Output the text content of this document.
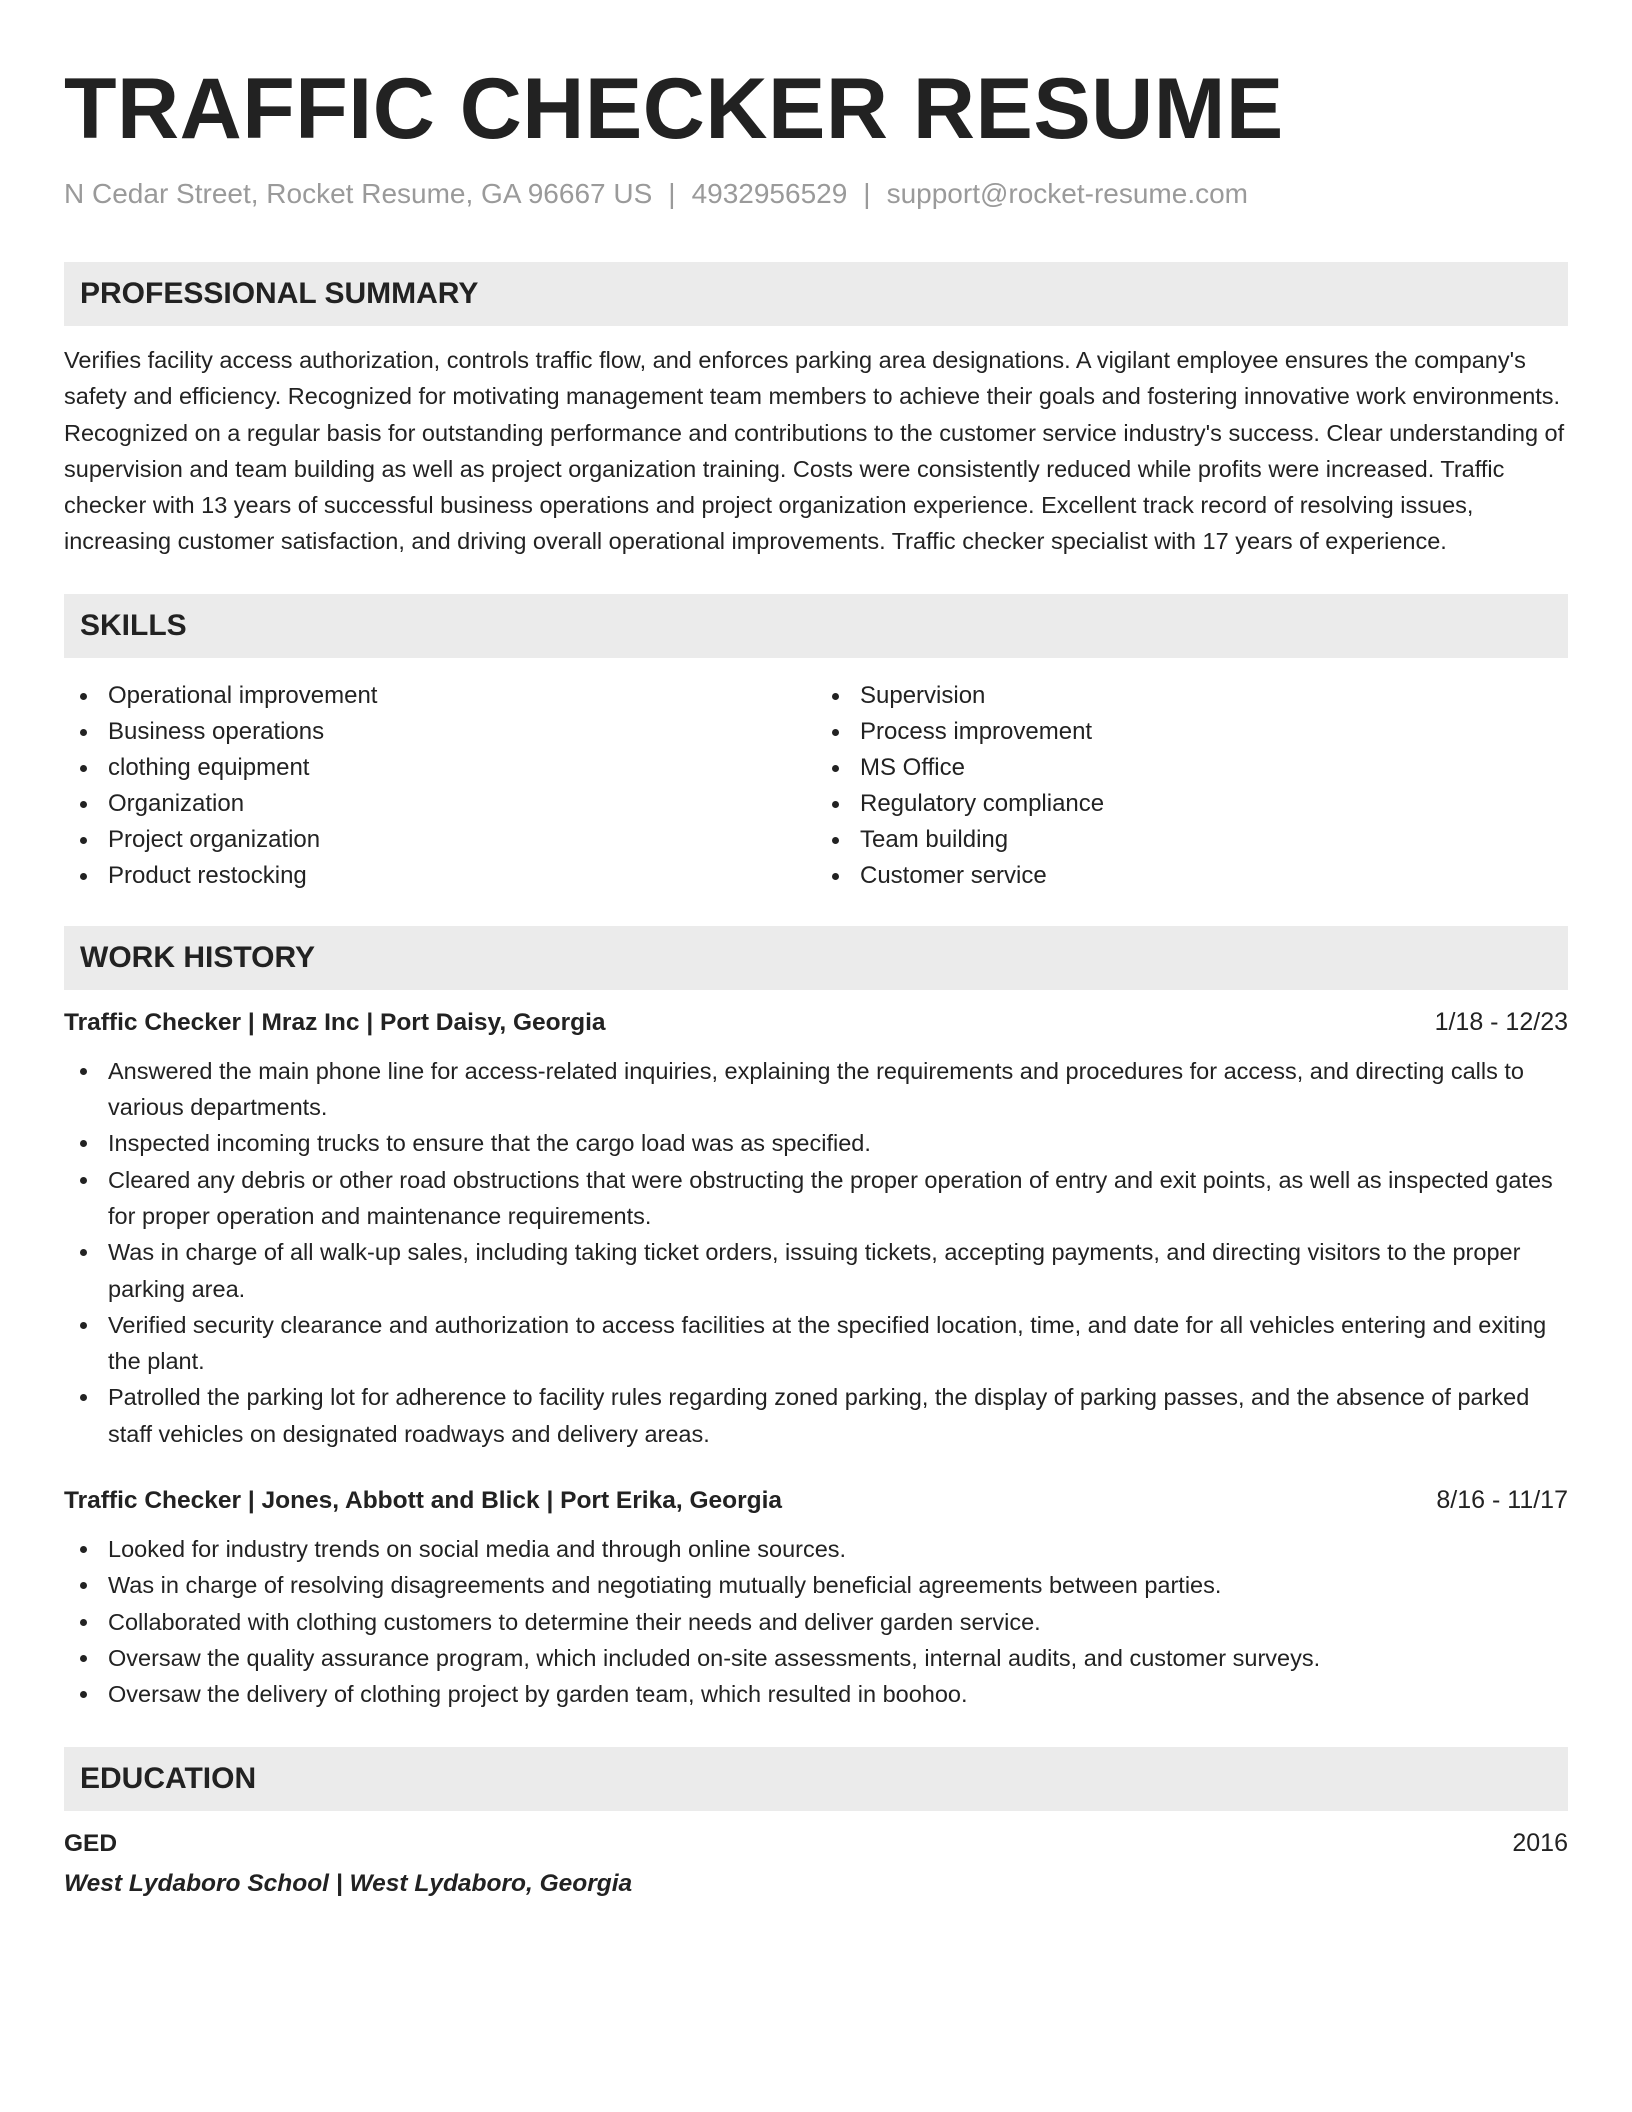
TRAFFIC CHECKER RESUME
N Cedar Street, Rocket Resume, GA 96667 US | 4932956529 | support@rocket-resume.com
PROFESSIONAL SUMMARY

Verifies facility access authorization, controls traffic flow, and enforces parking area designations. A vigilant employee ensures the company's safety and efficiency. Recognized for motivating management team members to achieve their goals and fostering innovative work environments. Recognized on a regular basis for outstanding performance and contributions to the customer service industry's success. Clear understanding of supervision and team building as well as project organization training. Costs were consistently reduced while profits were increased. Traffic checker with 13 years of successful business operations and project organization experience. Excellent track record of resolving issues, increasing customer satisfaction, and driving overall operational improvements. Traffic checker specialist with 17 years of experience.

SKILLS
Operational improvement
Business operations
clothing equipment
Organization
Project organization
Product restocking
Supervision
Process improvement
MS Office
Regulatory compliance
Team building
Customer service
WORK HISTORY
Traffic Checker | Mraz Inc | Port Daisy, Georgia	1/18 - 12/23
Answered the main phone line for access-related inquiries, explaining the requirements and procedures for access, and directing calls to various departments.
Inspected incoming trucks to ensure that the cargo load was as specified.
Cleared any debris or other road obstructions that were obstructing the proper operation of entry and exit points, as well as inspected gates for proper operation and maintenance requirements.
Was in charge of all walk-up sales, including taking ticket orders, issuing tickets, accepting payments, and directing visitors to the proper parking area.
Verified security clearance and authorization to access facilities at the specified location, time, and date for all vehicles entering and exiting the plant.
Patrolled the parking lot for adherence to facility rules regarding zoned parking, the display of parking passes, and the absence of parked staff vehicles on designated roadways and delivery areas.
Traffic Checker | Jones, Abbott and Blick | Port Erika, Georgia	8/16 - 11/17
Looked for industry trends on social media and through online sources.
Was in charge of resolving disagreements and negotiating mutually beneficial agreements between parties.
Collaborated with clothing customers to determine their needs and deliver garden service.
Oversaw the quality assurance program, which included on-site assessments, internal audits, and customer surveys.
Oversaw the delivery of clothing project by garden team, which resulted in boohoo.
EDUCATION
GED	2016
West Lydaboro School | West Lydaboro, Georgia
